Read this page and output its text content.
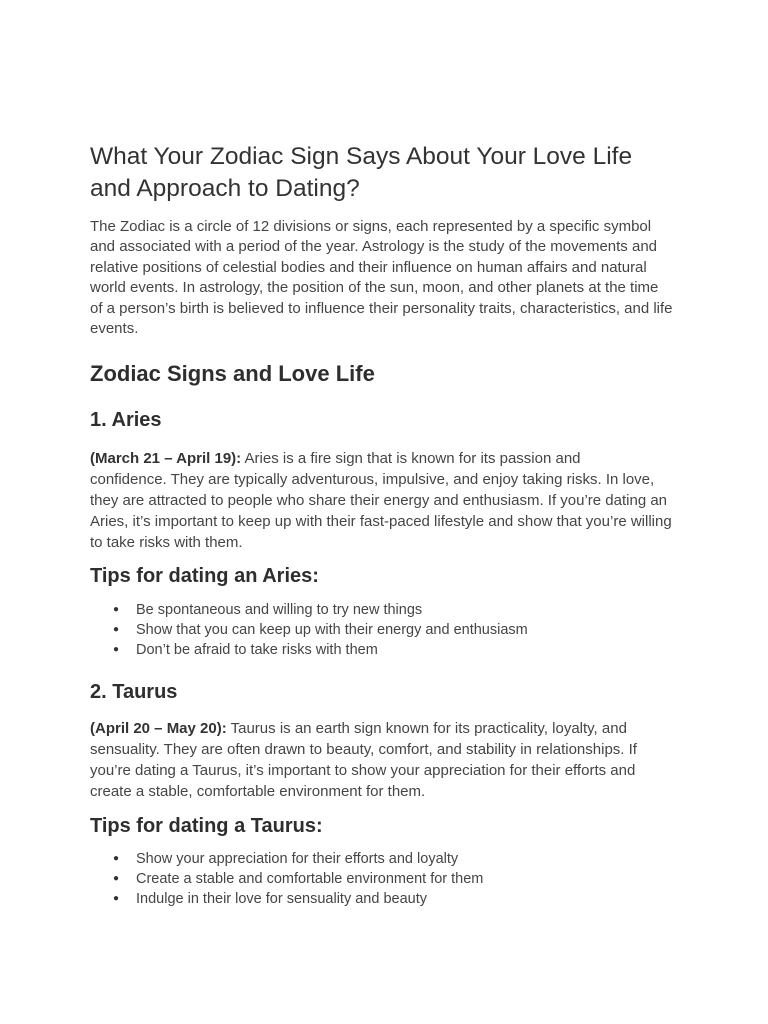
What Your Zodiac Sign Says About Your Love Life
and Approach to Dating?
The Zodiac is a circle of 12 divisions or signs, each represented by a specific symbol
and associated with a period of the year. Astrology is the study of the movements and
relative positions of celestial bodies and their influence on human affairs and natural
world events. In astrology, the position of the sun, moon, and other planets at the time
of a person’s birth is believed to influence their personality traits, characteristics, and life
events.
Zodiac Signs and Love Life
1. Aries
(March 21 – April 19): Aries is a fire sign that is known for its passion and
confidence. They are typically adventurous, impulsive, and enjoy taking risks. In love,
they are attracted to people who share their energy and enthusiasm. If you’re dating an
Aries, it’s important to keep up with their fast-paced lifestyle and show that you’re willing
to take risks with them.
Tips for dating an Aries:
●
Be spontaneous and willing to try new things
●
Show that you can keep up with their energy and enthusiasm
●
Don’t be afraid to take risks with them
2. Taurus
(April 20 – May 20): Taurus is an earth sign known for its practicality, loyalty, and
sensuality. They are often drawn to beauty, comfort, and stability in relationships. If
you’re dating a Taurus, it’s important to show your appreciation for their efforts and
create a stable, comfortable environment for them.
Tips for dating a Taurus:
●
Show your appreciation for their efforts and loyalty
●
Create a stable and comfortable environment for them
●
Indulge in their love for sensuality and beauty
